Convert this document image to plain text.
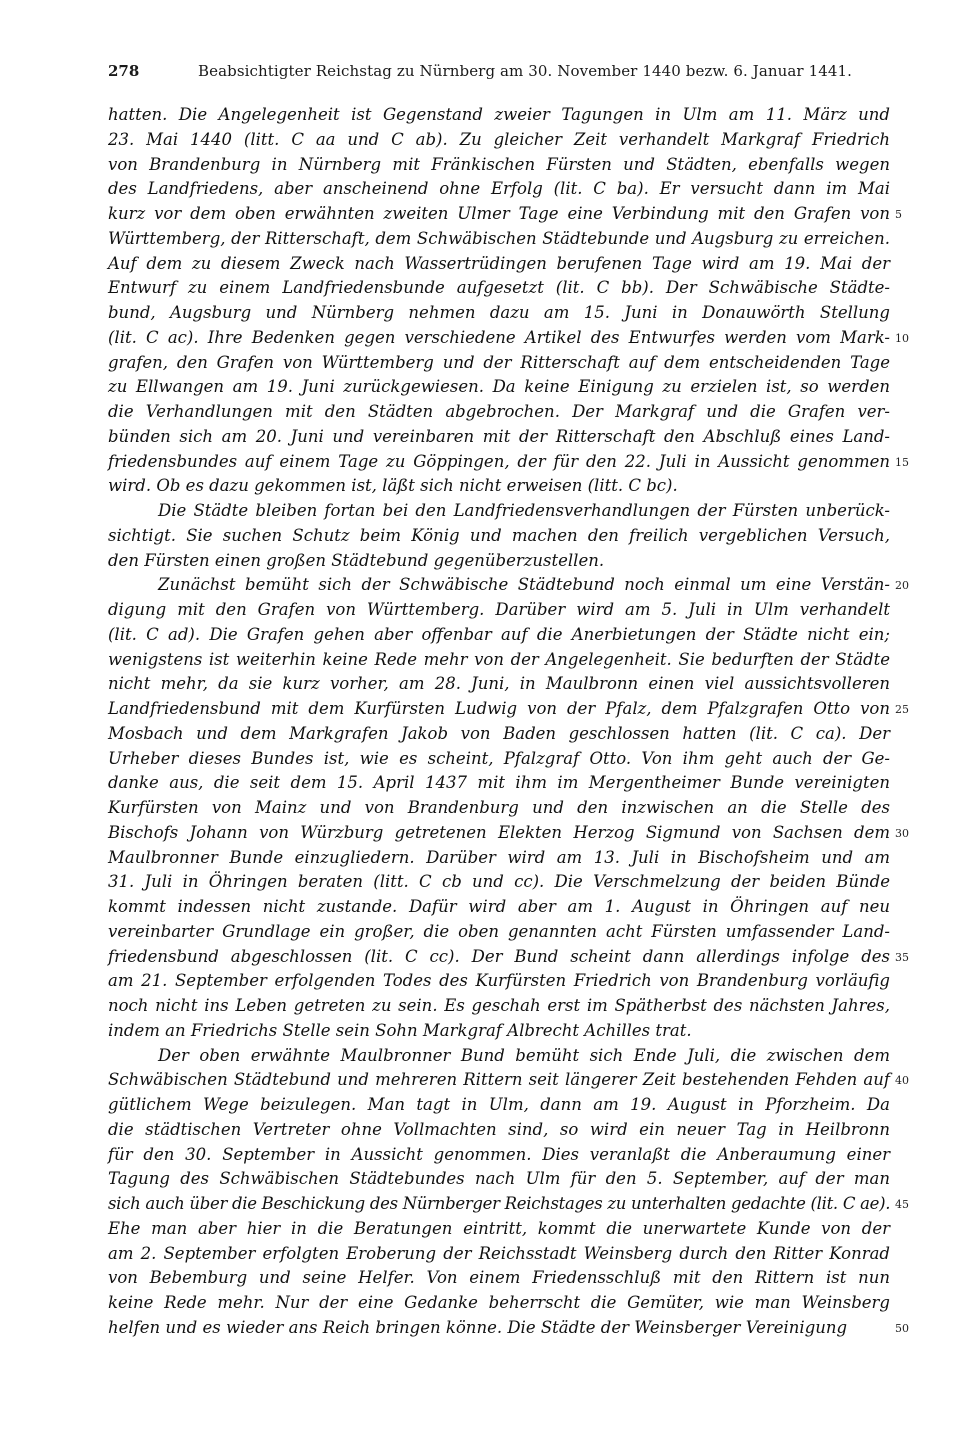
278	Beabsichtigter Reichstag zu Nürnberg am 30. November 1440 bezw. 6. Januar 1441.
hatten. Die Angelegenheit ist Gegenstand zweier Tagungen in Ulm am 11. März und
23. Mai 1440 (litt. C aa und C ab). Zu gleicher Zeit verhandelt Markgraf Friedrich
von Brandenburg in Nürnberg mit Fränkischen Fürsten und Städten, ebenfalls wegen
des Landfriedens, aber anscheinend ohne Erfolg (lit. C ba). Er versucht dann im Mai
kurz vor dem oben erwähnten zweiten Ulmer Tage eine Verbindung mit den Grafen von
Württemberg, der Ritterschaft, dem Schwäbischen Städtebunde und Augsburg zu erreichen.
Auf dem zu diesem Zweck nach Wassertrüdingen berufenen Tage wird am 19. Mai der
Entwurf zu einem Landfriedensbunde aufgesetzt (lit. C bb). Der Schwäbische Städte-
bund, Augsburg und Nürnberg nehmen dazu am 15. Juni in Donauwörth Stellung
(lit. C ac). Ihre Bedenken gegen verschiedene Artikel des Entwurfes werden vom Mark-
grafen, den Grafen von Württemberg und der Ritterschaft auf dem entscheidenden Tage
zu Ellwangen am 19. Juni zurückgewiesen. Da keine Einigung zu erzielen ist, so werden
die Verhandlungen mit den Städten abgebrochen. Der Markgraf und die Grafen ver-
bünden sich am 20. Juni und vereinbaren mit der Ritterschaft den Abschluß eines Land-
friedensbundes auf einem Tage zu Göppingen, der für den 22. Juli in Aussicht genommen
wird. Ob es dazu gekommen ist, läßt sich nicht erweisen (litt. C bc).
Die Städte bleiben fortan bei den Landfriedensverhandlungen der Fürsten unberück-
sichtigt. Sie suchen Schutz beim König und machen den freilich vergeblichen Versuch,
den Fürsten einen großen Städtebund gegenüberzustellen.
Zunächst bemüht sich der Schwäbische Städtebund noch einmal um eine Verstän-
digung mit den Grafen von Württemberg. Darüber wird am 5. Juli in Ulm verhandelt
(lit. C ad). Die Grafen gehen aber offenbar auf die Anerbietungen der Städte nicht ein;
wenigstens ist weiterhin keine Rede mehr von der Angelegenheit. Sie bedurften der Städte
nicht mehr, da sie kurz vorher, am 28. Juni, in Maulbronn einen viel aussichtsvolleren
Landfriedensbund mit dem Kurfürsten Ludwig von der Pfalz, dem Pfalzgrafen Otto von
Mosbach und dem Markgrafen Jakob von Baden geschlossen hatten (lit. C ca). Der
Urheber dieses Bundes ist, wie es scheint, Pfalzgraf Otto. Von ihm geht auch der Ge-
danke aus, die seit dem 15. April 1437 mit ihm im Mergentheimer Bunde vereinigten
Kurfürsten von Mainz und von Brandenburg und den inzwischen an die Stelle des
Bischofs Johann von Würzburg getretenen Elekten Herzog Sigmund von Sachsen dem
Maulbronner Bunde einzugliedern. Darüber wird am 13. Juli in Bischofsheim und am
31. Juli in Öhringen beraten (litt. C cb und cc). Die Verschmelzung der beiden Bünde
kommt indessen nicht zustande. Dafür wird aber am 1. August in Öhringen auf neu
vereinbarter Grundlage ein großer, die oben genannten acht Fürsten umfassender Land-
friedensbund abgeschlossen (lit. C cc). Der Bund scheint dann allerdings infolge des
am 21. September erfolgenden Todes des Kurfürsten Friedrich von Brandenburg vorläufig
noch nicht ins Leben getreten zu sein. Es geschah erst im Spätherbst des nächsten Jahres,
indem an Friedrichs Stelle sein Sohn Markgraf Albrecht Achilles trat.
Der oben erwähnte Maulbronner Bund bemüht sich Ende Juli, die zwischen dem
Schwäbischen Städtebund und mehreren Rittern seit längerer Zeit bestehenden Fehden auf
gütlichem Wege beizulegen. Man tagt in Ulm, dann am 19. August in Pforzheim. Da
die städtischen Vertreter ohne Vollmachten sind, so wird ein neuer Tag in Heilbronn
für den 30. September in Aussicht genommen. Dies veranlaßt die Anberaumung einer
Tagung des Schwäbischen Städtebundes nach Ulm für den 5. September, auf der man
sich auch über die Beschickung des Nürnberger Reichstages zu unterhalten gedachte (lit. C ae).
Ehe man aber hier in die Beratungen eintritt, kommt die unerwartete Kunde von der
am 2. September erfolgten Eroberung der Reichsstadt Weinsberg durch den Ritter Konrad
von Bebemburg und seine Helfer. Von einem Friedensschluß mit den Rittern ist nun
keine Rede mehr. Nur der eine Gedanke beherrscht die Gemüter, wie man Weinsberg
helfen und es wieder ans Reich bringen könne. Die Städte der Weinsberger Vereinigung
5
10
15
20
25
30
35
40
45
50
